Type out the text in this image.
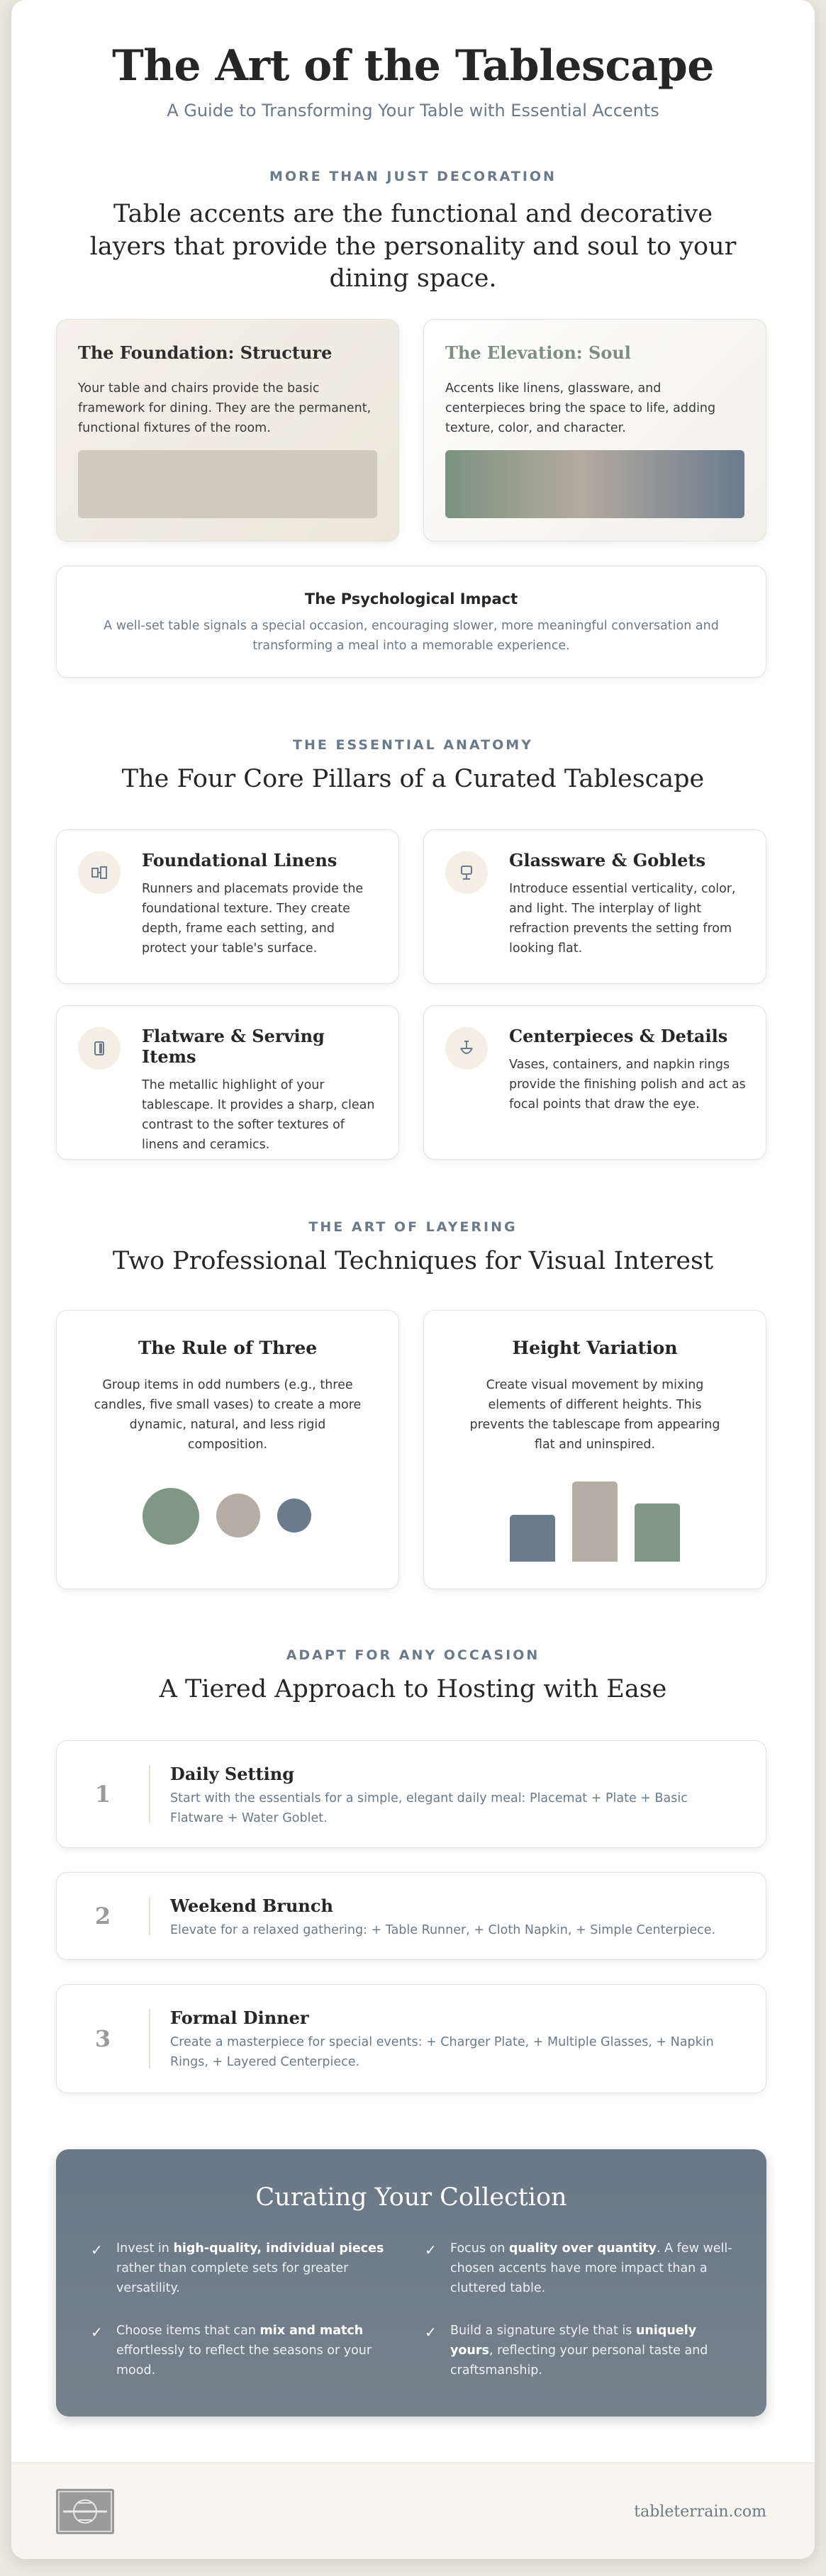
The Art of the Tablescape
A Guide to Transforming Your Table with Essential Accents
MORE THAN JUST DECORATION
Table accents are the functional and decorative layers that provide the personality and soul to your dining space.
The Foundation: Structure

Your table and chairs provide the basic framework for dining. They are the permanent, functional fixtures of the room.

The Elevation: Soul

Accents like linens, glassware, and centerpieces bring the space to life, adding texture, color, and character.

The Psychological Impact

A well-set table signals a special occasion, encouraging slower, more meaningful conversation and transforming a meal into a memorable experience.

THE ESSENTIAL ANATOMY
The Four Core Pillars of a Curated Tablescape
Foundational Linens

Runners and placemats provide the foundational texture. They create depth, frame each setting, and protect your table's surface.

Glassware & Goblets

Introduce essential verticality, color, and light. The interplay of light refraction prevents the setting from looking flat.

Flatware & Serving Items

The metallic highlight of your tablescape. It provides a sharp, clean contrast to the softer textures of linens and ceramics.

Centerpieces & Details

Vases, containers, and napkin rings provide the finishing polish and act as focal points that draw the eye.

THE ART OF LAYERING
Two Professional Techniques for Visual Interest
The Rule of Three

Group items in odd numbers (e.g., three candles, five small vases) to create a more dynamic, natural, and less rigid composition.

Height Variation

Create visual movement by mixing elements of different heights. This prevents the tablescape from appearing flat and uninspired.

ADAPT FOR ANY OCCASION
A Tiered Approach to Hosting with Ease
1
Daily Setting

Start with the essentials for a simple, elegant daily meal: Placemat + Plate + Basic Flatware + Water Goblet.

2	Weekend Brunch

Elevate for a relaxed gathering: + Table Runner, + Cloth Napkin, + Simple Centerpiece.

3
Formal Dinner

Create a masterpiece for special events: + Charger Plate, + Multiple Glasses, + Napkin Rings, + Layered Centerpiece.

Curating Your Collection
✓ Invest in high-quality, individual pieces rather than complete sets for greater versatility.
✓ Focus on quality over quantity. A few well-chosen accents have more impact than a cluttered table.
✓ Choose items that can mix and match effortlessly to reflect the seasons or your mood.
✓ Build a signature style that is uniquely yours, reflecting your personal taste and craftsmanship.
tableterrain.com
